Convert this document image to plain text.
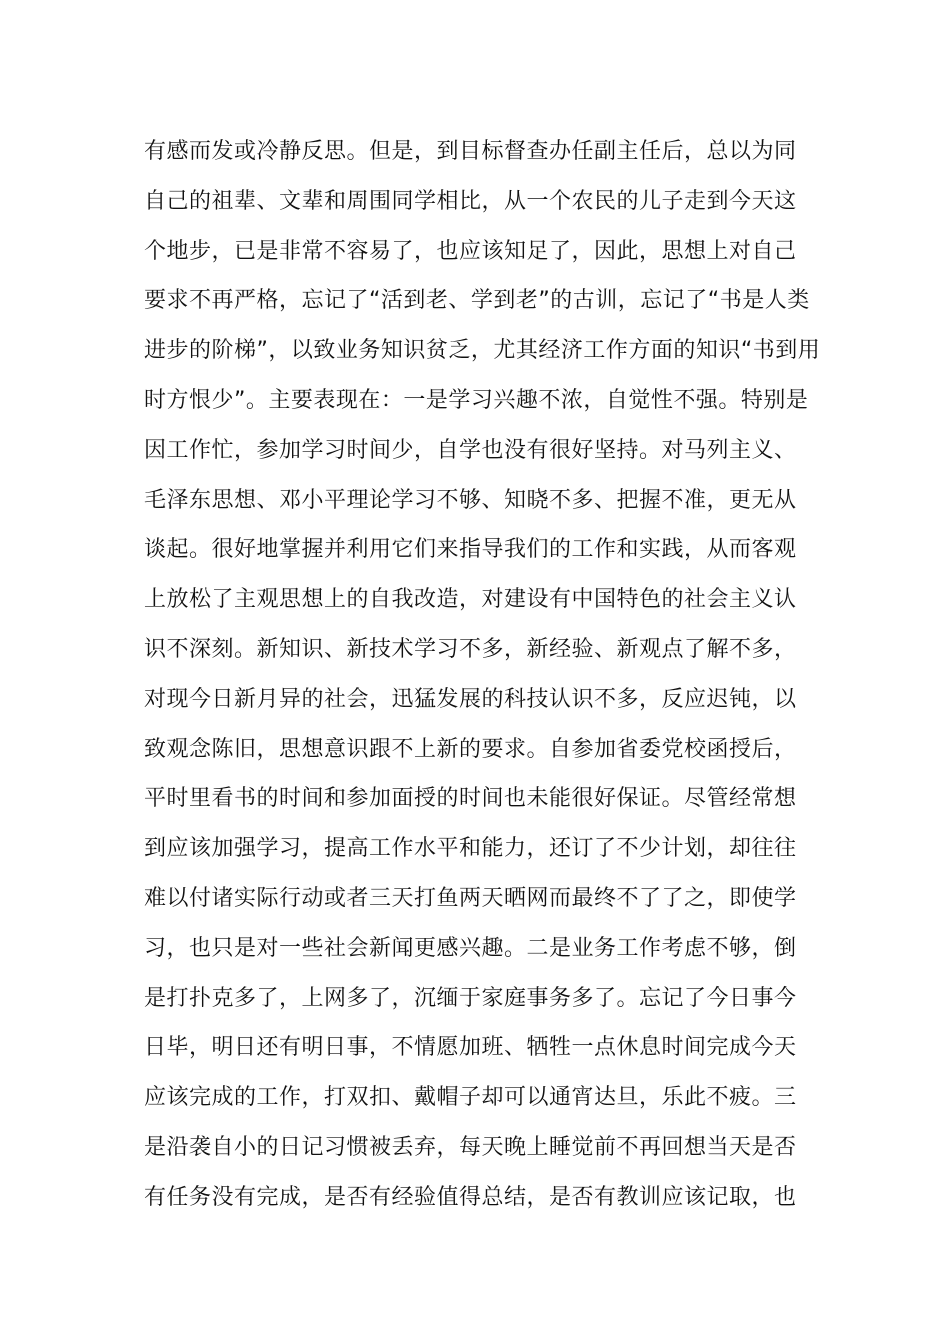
有感而发或冷静反思。但是，到目标督查办任副主任后，总以为同
自己的祖辈、文辈和周围同学相比，从一个农民的儿子走到今天这
个地步，已是非常不容易了，也应该知足了，因此，思想上对自己
要求不再严格，忘记了“活到老、学到老”的古训，忘记了“书是人类
进步的阶梯”，以致业务知识贫乏，尤其经济工作方面的知识“书到用
时方恨少”。主要表现在：一是学习兴趣不浓，自觉性不强。特别是
因工作忙，参加学习时间少，自学也没有很好坚持。对马列主义、
毛泽东思想、邓小平理论学习不够、知晓不多、把握不准，更无从
谈起。很好地掌握并利用它们来指导我们的工作和实践，从而客观
上放松了主观思想上的自我改造，对建设有中国特色的社会主义认
识不深刻。新知识、新技术学习不多，新经验、新观点了解不多，
对现今日新月异的社会，迅猛发展的科技认识不多，反应迟钝，以
致观念陈旧，思想意识跟不上新的要求。自参加省委党校函授后，
平时里看书的时间和参加面授的时间也未能很好保证。尽管经常想
到应该加强学习，提高工作水平和能力，还订了不少计划，却往往
难以付诸实际行动或者三天打鱼两天晒网而最终不了了之，即使学
习，也只是对一些社会新闻更感兴趣。二是业务工作考虑不够，倒
是打扑克多了，上网多了，沉缅于家庭事务多了。忘记了今日事今
日毕，明日还有明日事，不情愿加班、牺牲一点休息时间完成今天
应该完成的工作，打双扣、戴帽子却可以通宵达旦，乐此不疲。三
是沿袭自小的日记习惯被丢弃，每天晚上睡觉前不再回想当天是否
有任务没有完成，是否有经验值得总结，是否有教训应该记取，也
